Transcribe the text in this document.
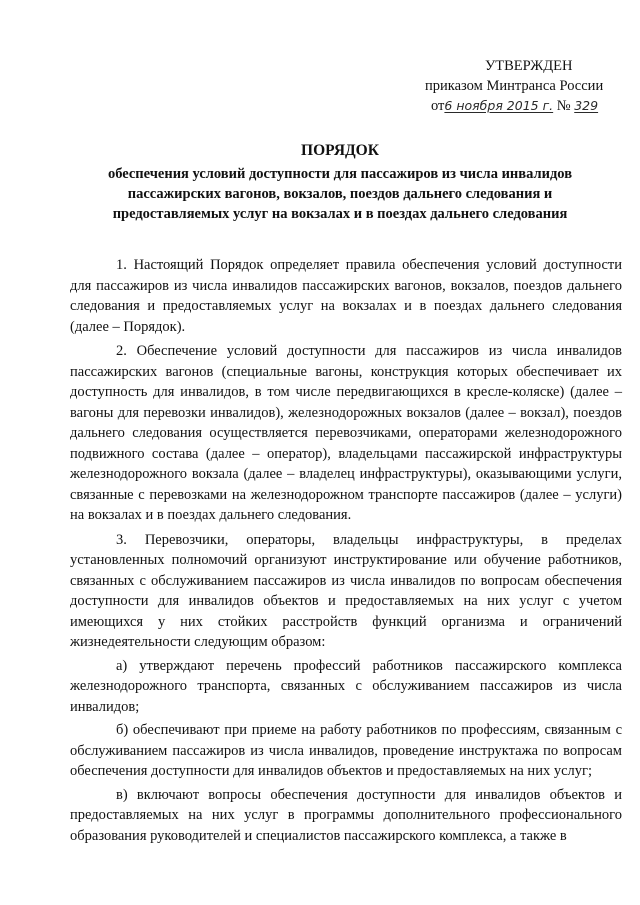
УТВЕРЖДЕН
приказом Минтранса России
от6 ноября 2015 г. № 329
ПОРЯДОК
обеспечения условий доступности для пассажиров из числа инвалидов пассажирских вагонов, вокзалов, поездов дальнего следования и предоставляемых услуг на вокзалах и в поездах дальнего следования

1. Настоящий Порядок определяет правила обеспечения условий доступности для пассажиров из числа инвалидов пассажирских вагонов, вокзалов, поездов дальнего следования и предоставляемых услуг на вокзалах и в поездах дальнего следования (далее – Порядок).

2. Обеспечение условий доступности для пассажиров из числа инвалидов пассажирских вагонов (специальные вагоны, конструкция которых обеспечивает их доступность для инвалидов, в том числе передвигающихся в кресле-коляске) (далее – вагоны для перевозки инвалидов), железнодорожных вокзалов (далее – вокзал), поездов дальнего следования осуществляется перевозчиками, операторами железнодорожного подвижного состава (далее – оператор), владельцами пассажирской инфраструктуры железнодорожного вокзала (далее – владелец инфраструктуры), оказывающими услуги, связанные с перевозками на железнодорожном транспорте пассажиров (далее – услуги) на вокзалах и в поездах дальнего следования.

3. Перевозчики, операторы, владельцы инфраструктуры, в пределах установленных полномочий организуют инструктирование или обучение работников, связанных с обслуживанием пассажиров из числа инвалидов по вопросам обеспечения доступности для инвалидов объектов и предоставляемых на них услуг с учетом имеющихся у них стойких расстройств функций организма и ограничений жизнедеятельности следующим образом:

а) утверждают перечень профессий работников пассажирского комплекса железнодорожного транспорта, связанных с обслуживанием пассажиров из числа инвалидов;

б) обеспечивают при приеме на работу работников по профессиям, связанным с обслуживанием пассажиров из числа инвалидов, проведение инструктажа по вопросам обеспечения доступности для инвалидов объектов и предоставляемых на них услуг;

в) включают вопросы обеспечения доступности для инвалидов объектов и предоставляемых на них услуг в программы дополнительного профессионального образования руководителей и специалистов пассажирского комплекса, а также в
